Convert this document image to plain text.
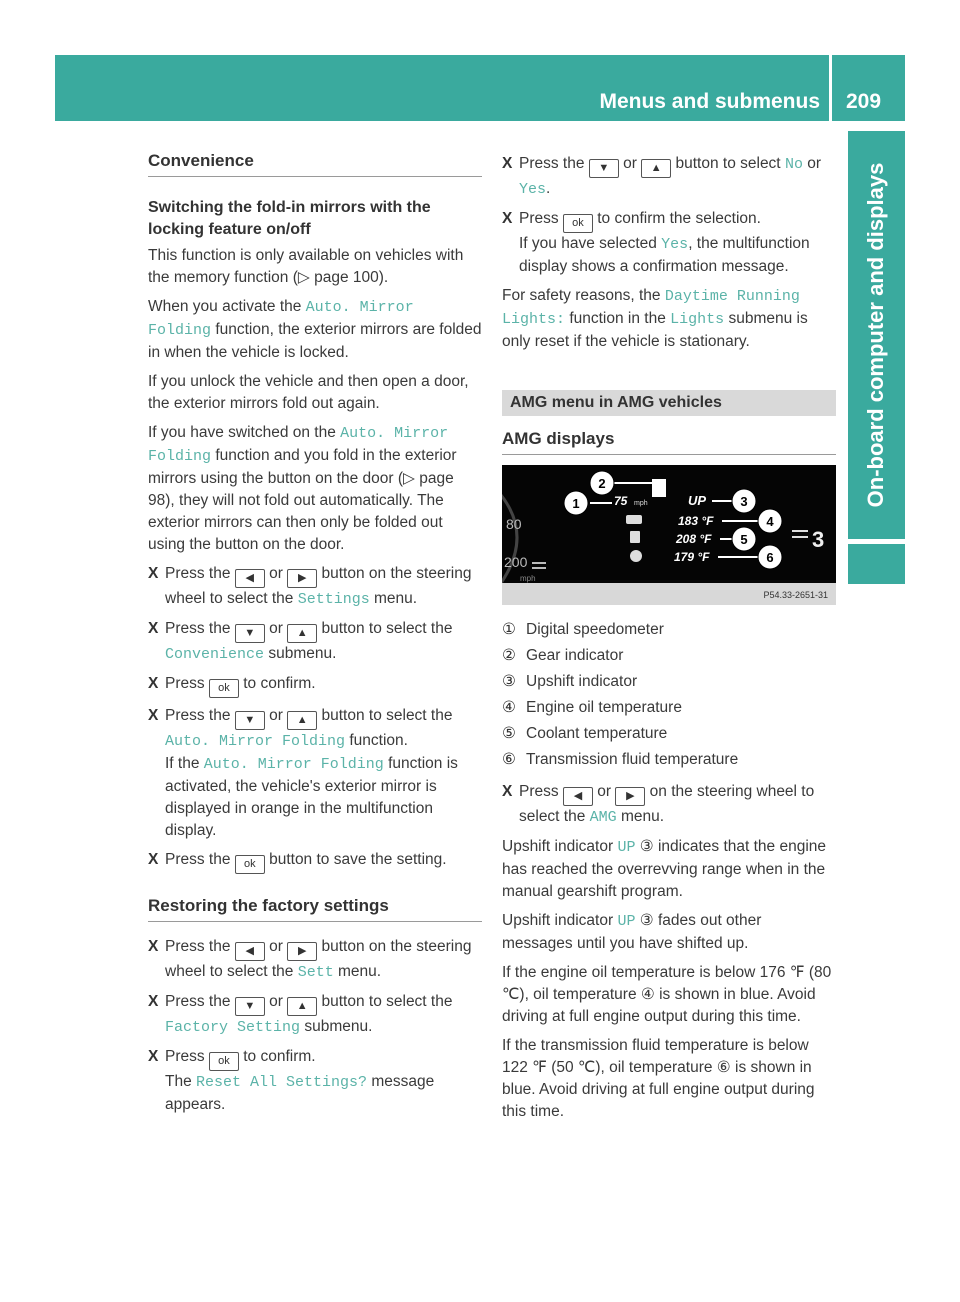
Menus and submenus 209
On-board computer and displays
Convenience
Switching the fold-in mirrors with the locking feature on/off

This function is only available on vehicles with the memory function (▷ page 100).

When you activate the Auto. Mirror Folding function, the exterior mirrors are folded in when the vehicle is locked.

If you unlock the vehicle and then open a door, the exterior mirrors fold out again.

If you have switched on the Auto. Mirror Folding function and you fold in the exterior mirrors using the button on the door (▷ page 98), they will not fold out automatically. The exterior mirrors can then only be folded out using the button on the door.

X Press the ◀ or ▶ button on the steering wheel to select the Settings menu.
X Press the ▼ or ▲ button to select the Convenience submenu.
X Press ok to confirm.
X Press the ▼ or ▲ button to select the Auto. Mirror Folding function.
If the Auto. Mirror Folding function is activated, the vehicle's exterior mirror is displayed in orange in the multifunction display.
X Press the ok button to save the setting.
Restoring the factory settings
X Press the ◀ or ▶ button on the steering wheel to select the Sett menu.
X Press the ▼ or ▲ button to select the Factory Setting submenu.
X Press ok to confirm.
The Reset All Settings? message appears.
X Press the ▼ or ▲ button to select No or Yes.
X Press ok to confirm the selection.
If you have selected Yes, the multifunction display shows a confirmation message.

For safety reasons, the Daytime Running Lights: function in the Lights submenu is only reset if the vehicle is stationary.

AMG menu in AMG vehicles
AMG displays
80
200
mph
3
75 mph	UP
183 °F
208 °F
179 °F
1
2
3
4
5
6
P54.33-2651-31
① Digital speedometer
② Gear indicator
③ Upshift indicator
④ Engine oil temperature
⑤ Coolant temperature
⑥ Transmission fluid temperature
X Press ◀ or ▶ on the steering wheel to select the AMG menu.

Upshift indicator UP ③ indicates that the engine has reached the overrevving range when in the manual gearshift program.

Upshift indicator UP ③ fades out other messages until you have shifted up.

If the engine oil temperature is below 176 ℉ (80 ℃), oil temperature ④ is shown in blue. Avoid driving at full engine output during this time.

If the transmission fluid temperature is below 122 ℉ (50 ℃), oil temperature ⑥ is shown in blue. Avoid driving at full engine output during this time.
